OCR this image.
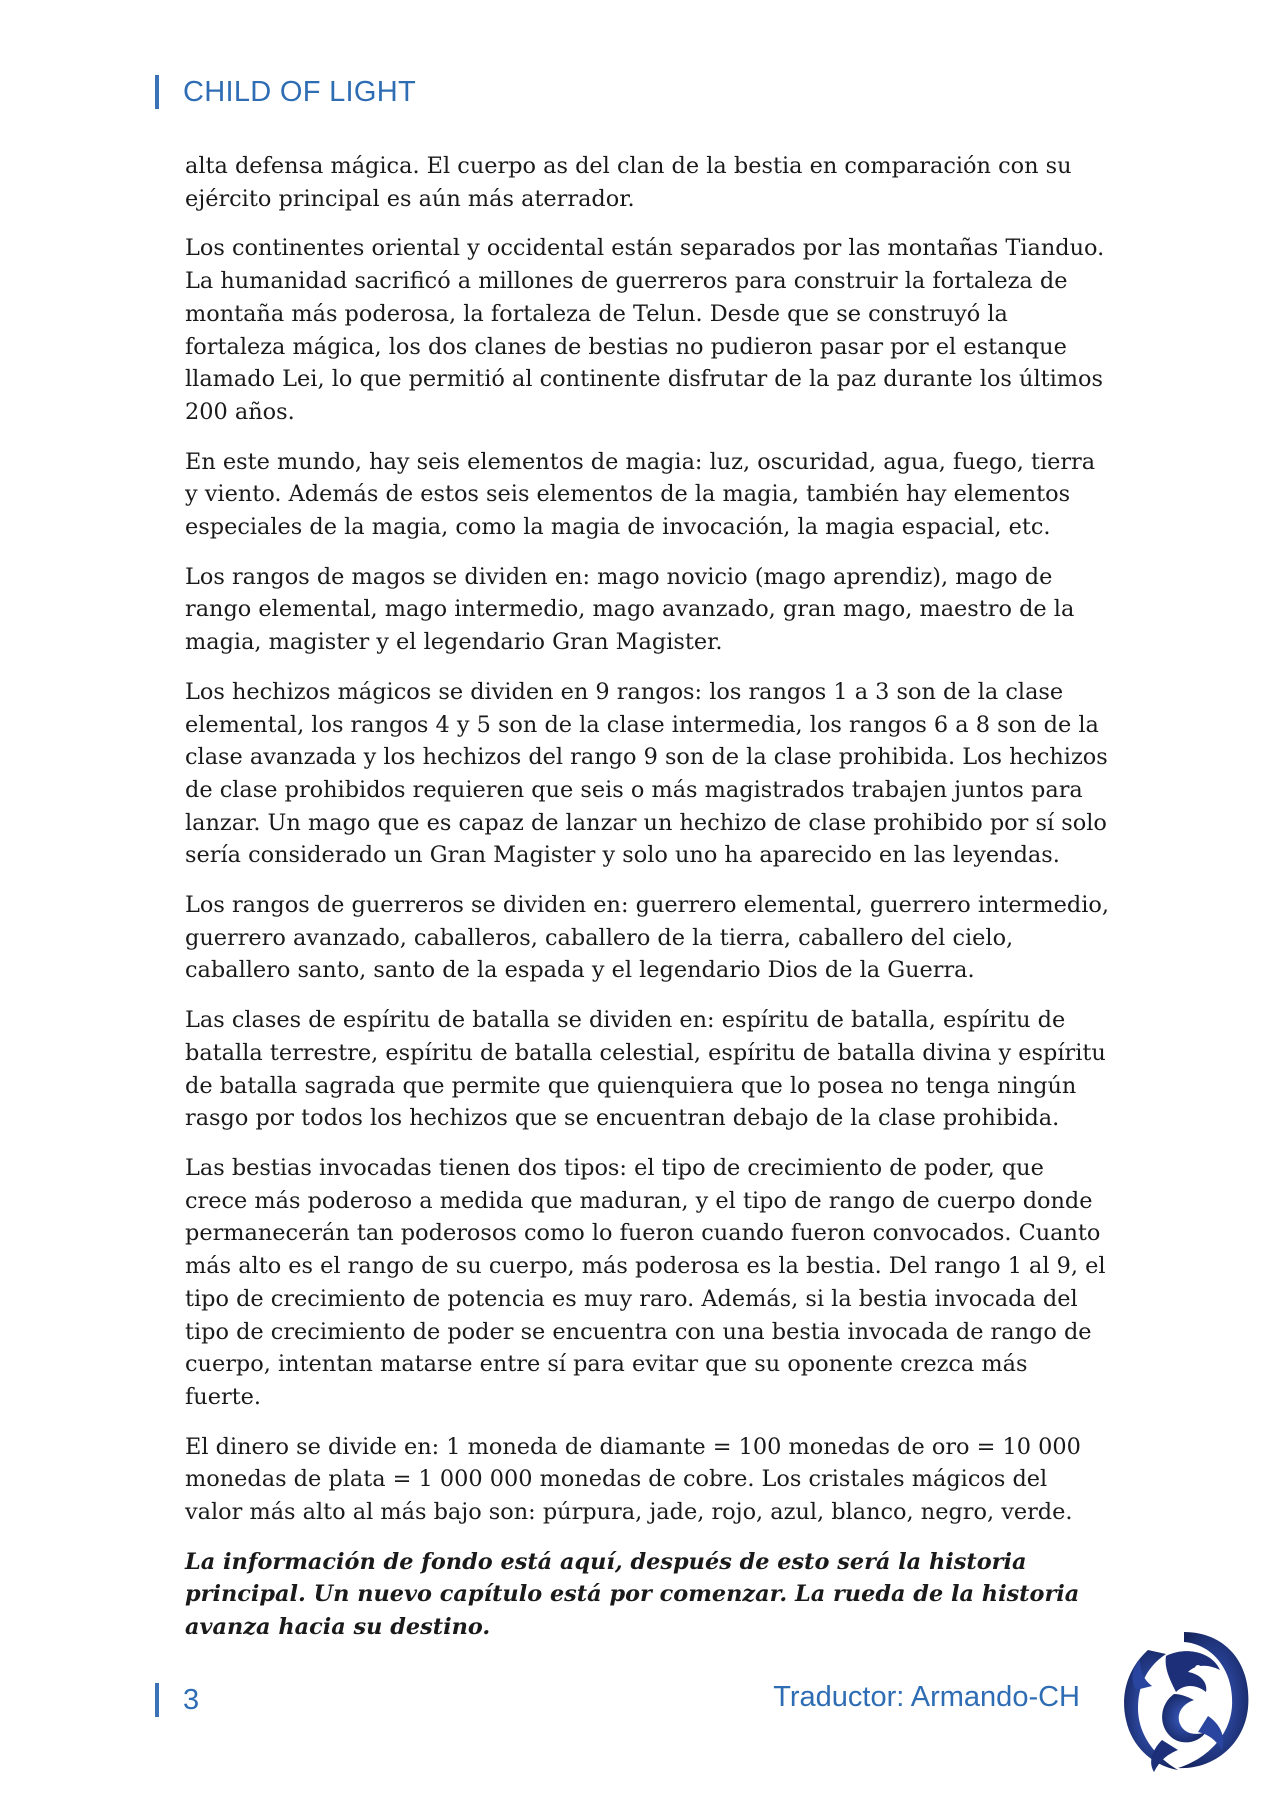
CHILD OF LIGHT

alta defensa mágica. El cuerpo as del clan de la bestia en comparación con su ejército principal es aún más aterrador.

Los continentes oriental y occidental están separados por las montañas Tianduo. La humanidad sacrificó a millones de guerreros para construir la fortaleza de montaña más poderosa, la fortaleza de Telun. Desde que se construyó la fortaleza mágica, los dos clanes de bestias no pudieron pasar por el estanque llamado Lei, lo que permitió al continente disfrutar de la paz durante los últimos 200 años.

En este mundo, hay seis elementos de magia: luz, oscuridad, agua, fuego, tierra y viento. Además de estos seis elementos de la magia, también hay elementos especiales de la magia, como la magia de invocación, la magia espacial, etc.

Los rangos de magos se dividen en: mago novicio (mago aprendiz), mago de rango elemental, mago intermedio, mago avanzado, gran mago, maestro de la magia, magister y el legendario Gran Magister.

Los hechizos mágicos se dividen en 9 rangos: los rangos 1 a 3 son de la clase elemental, los rangos 4 y 5 son de la clase intermedia, los rangos 6 a 8 son de la clase avanzada y los hechizos del rango 9 son de la clase prohibida. Los hechizos de clase prohibidos requieren que seis o más magistrados trabajen juntos para lanzar. Un mago que es capaz de lanzar un hechizo de clase prohibido por sí solo sería considerado un Gran Magister y solo uno ha aparecido en las leyendas.

Los rangos de guerreros se dividen en: guerrero elemental, guerrero intermedio, guerrero avanzado, caballeros, caballero de la tierra, caballero del cielo, caballero santo, santo de la espada y el legendario Dios de la Guerra.

Las clases de espíritu de batalla se dividen en: espíritu de batalla, espíritu de batalla terrestre, espíritu de batalla celestial, espíritu de batalla divina y espíritu de batalla sagrada que permite que quienquiera que lo posea no tenga ningún rasgo por todos los hechizos que se encuentran debajo de la clase prohibida.

Las bestias invocadas tienen dos tipos: el tipo de crecimiento de poder, que crece más poderoso a medida que maduran, y el tipo de rango de cuerpo donde permanecerán tan poderosos como lo fueron cuando fueron convocados. Cuanto más alto es el rango de su cuerpo, más poderosa es la bestia. Del rango 1 al 9, el tipo de crecimiento de potencia es muy raro. Además, si la bestia invocada del tipo de crecimiento de poder se encuentra con una bestia invocada de rango de cuerpo, intentan matarse entre sí para evitar que su oponente crezca más fuerte.

El dinero se divide en: 1 moneda de diamante = 100 monedas de oro = 10 000 monedas de plata = 1 000 000 monedas de cobre. Los cristales mágicos del valor más alto al más bajo son: púrpura, jade, rojo, azul, blanco, negro, verde.

La información de fondo está aquí, después de esto será la historia principal. Un nuevo capítulo está por comenzar. La rueda de la historia avanza hacia su destino.

3	Traductor: Armando-CH
